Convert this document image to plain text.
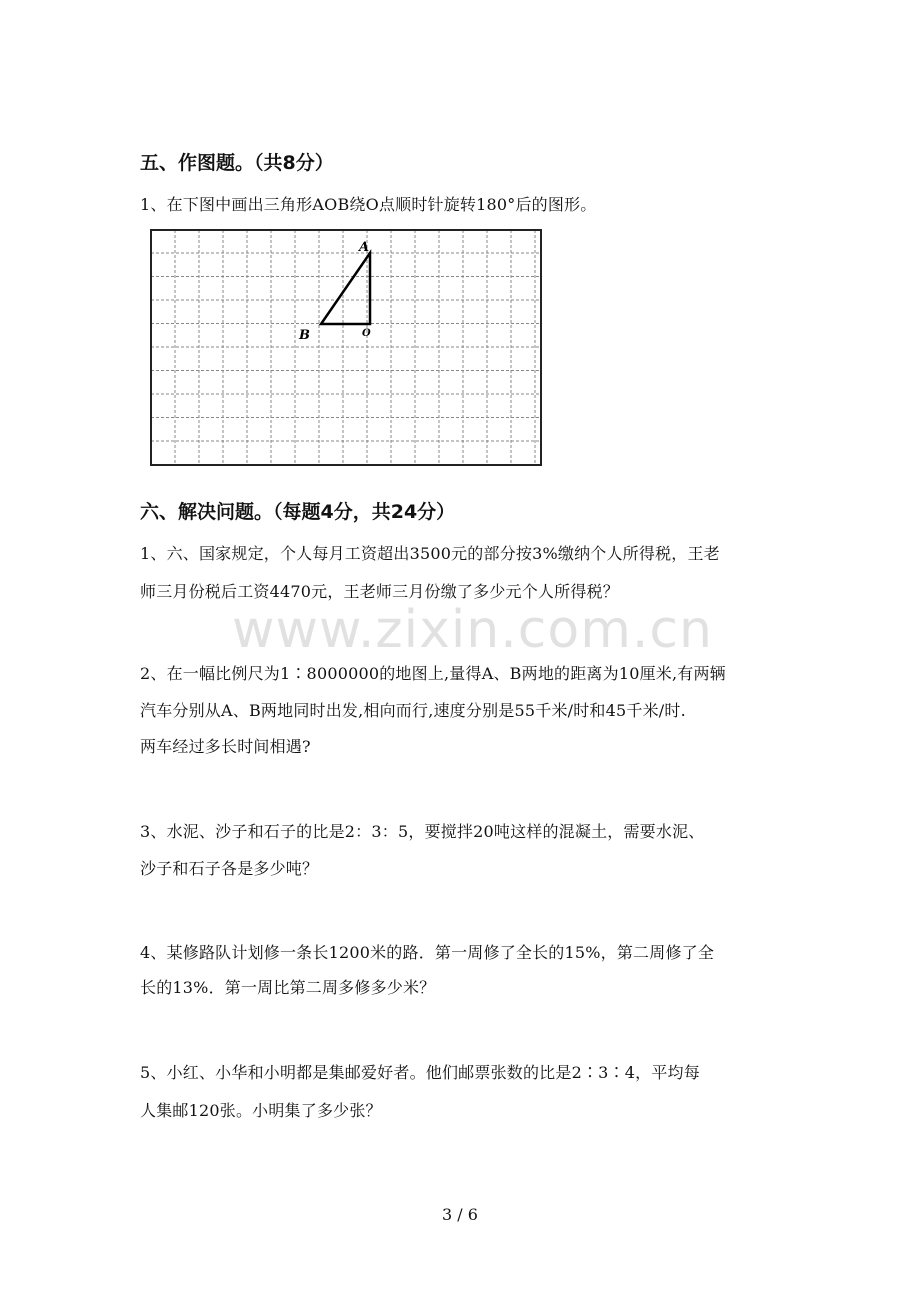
五、作图题。（共8分）
1、在下图中画出三角形AOB绕O点顺时针旋转180°后的图形。
A
B	O
六、解决问题。（每题4分，共24分）
1、六、国家规定，个人每月工资超出3500元的部分按3%缴纳个人所得税，王老
师三月份税后工资4470元，王老师三月份缴了多少元个人所得税？
www.zixin.com.cn
2、在一幅比例尺为1∶8000000的地图上,量得A、B两地的距离为10厘米,有两辆
汽车分别从A、B两地同时出发,相向而行,速度分别是55千米/时和45千米/时.
两车经过多长时间相遇?
3、水泥、沙子和石子的比是2：3：5，要搅拌20吨这样的混凝土，需要水泥、
沙子和石子各是多少吨？
4、某修路队计划修一条长1200米的路．第一周修了全长的15%，第二周修了全
长的13%．第一周比第二周多修多少米？
5、小红、小华和小明都是集邮爱好者。他们邮票张数的比是2∶3∶4，平均每
人集邮120张。小明集了多少张？
3 / 6
